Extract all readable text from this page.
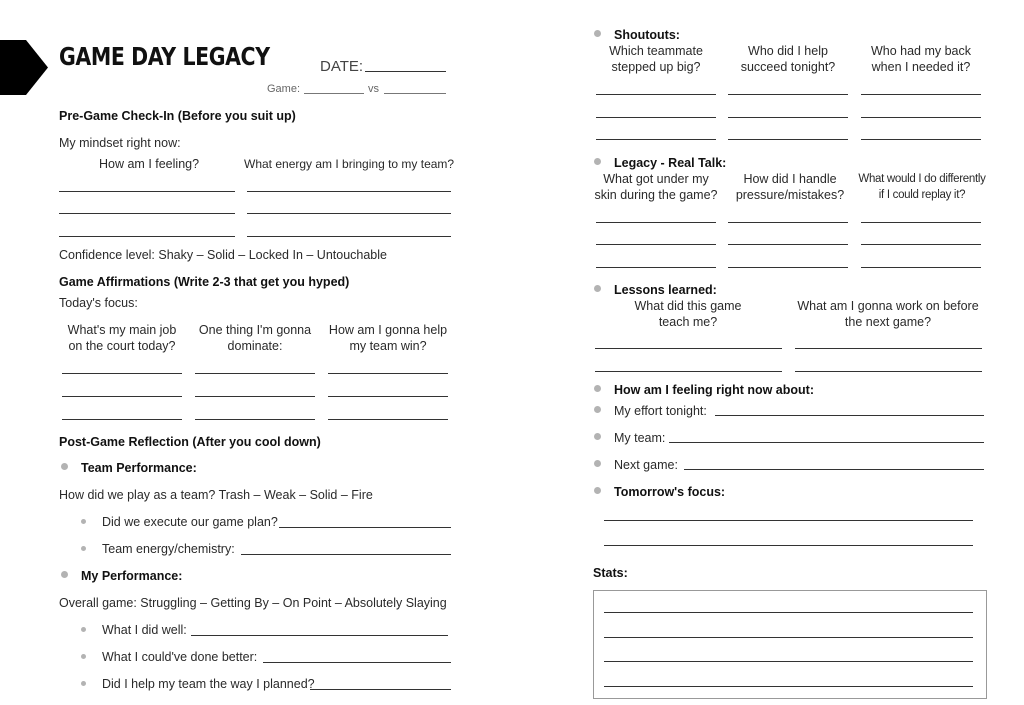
GAME DAY LEGACY	DATE:
Game:	vs
Pre-Game Check-In (Before you suit up)
My mindset right now:
How am I feeling?	What energy am I bringing to my team?
Confidence level: Shaky – Solid – Locked In – Untouchable
Game Affirmations (Write 2-3 that get you hyped)
Today's focus:
What's my main job on the court today?
One thing I'm gonna dominate:
How am I gonna help my team win?
Post-Game Reflection (After you cool down)
Team Performance:
How did we play as a team? Trash – Weak – Solid – Fire
Did we execute our game plan?
Team energy/chemistry:
My Performance:
Overall game: Struggling – Getting By – On Point – Absolutely Slaying
What I did well:
What I could've done better:
Did I help my team the way I planned?
Shoutouts:
Which teammate stepped up big?
Who did I help succeed tonight?
Who had my back when I needed it?
Legacy - Real Talk:
What got under my skin during the game?
How did I handle pressure/mistakes?
What would I do differently if I could replay it?
Lessons learned:
What did this game teach me?
What am I gonna work on before the next game?
How am I feeling right now about:
My effort tonight:
My team:
Next game:
Tomorrow's focus:
Stats:
